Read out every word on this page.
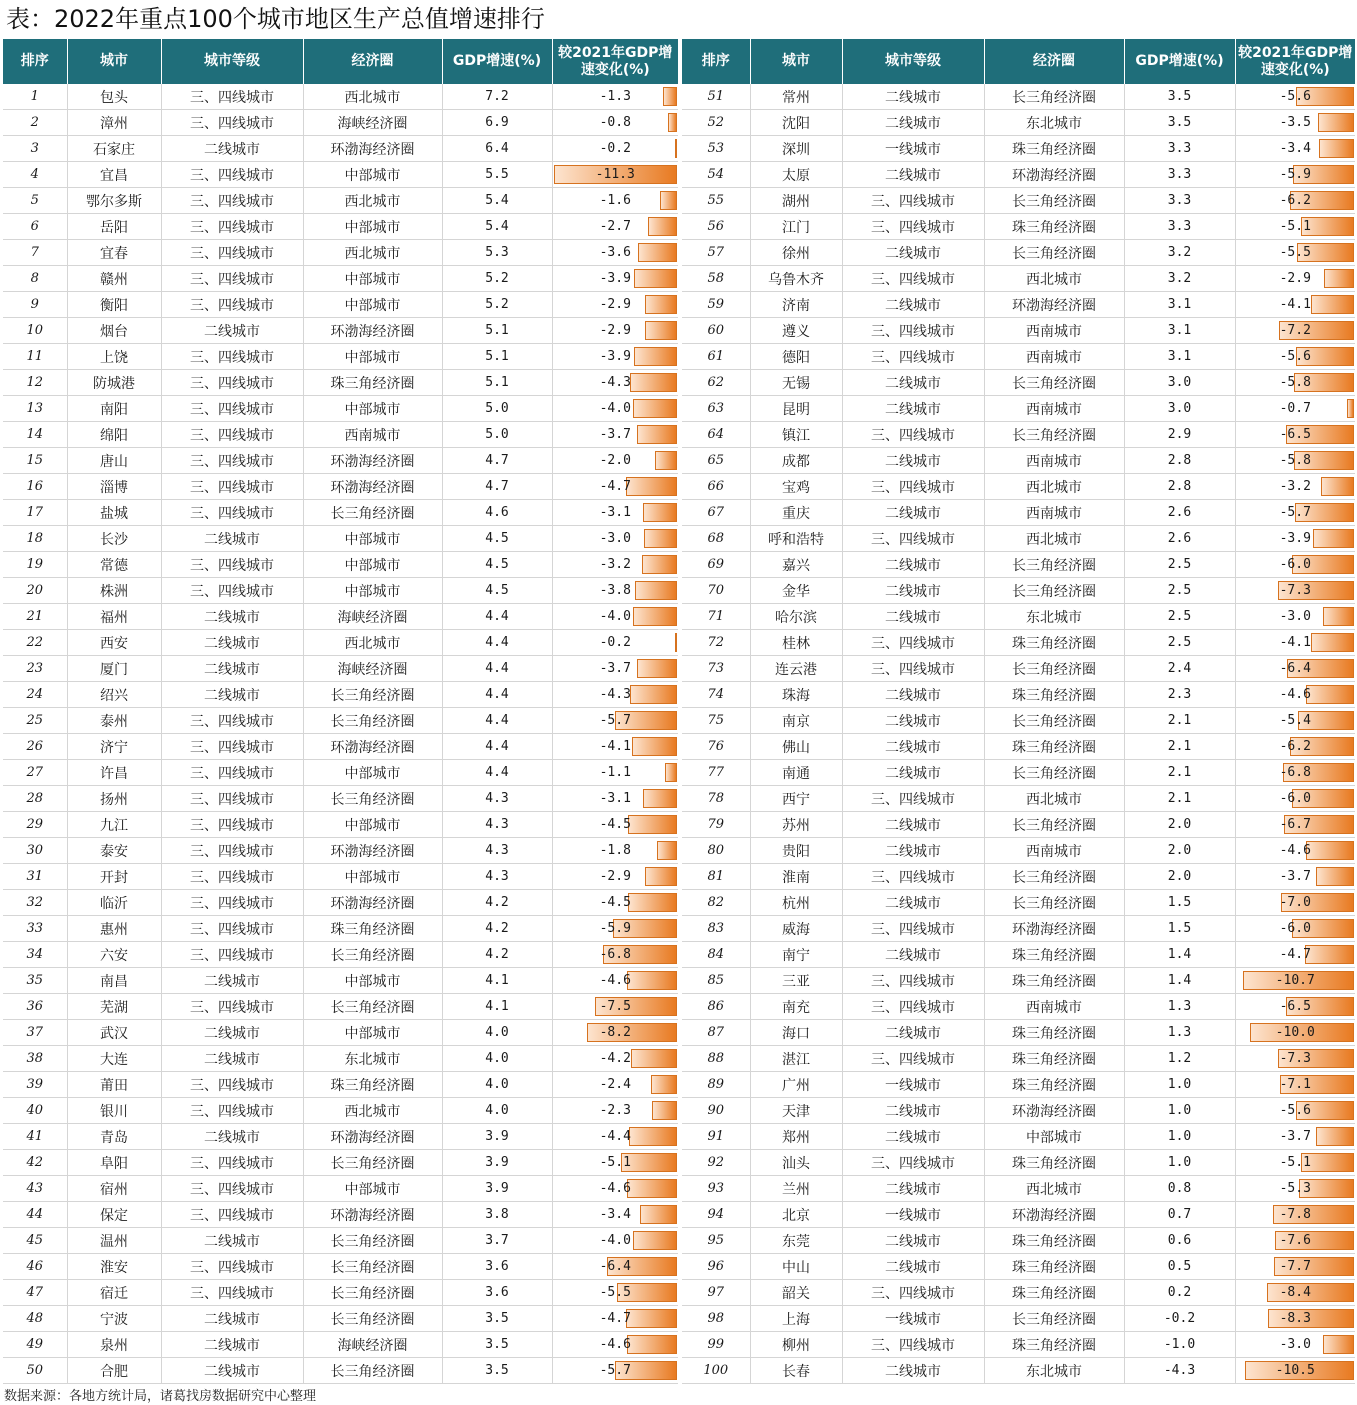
表：2022年重点100个城市地区生产总值增速排行
排序	城市	城市等级	经济圈	GDP增速(%)	较2021年GDP增
速变化(%)
1	包头	三、四线城市	西北城市	7.2	-1.3
2	漳州	三、四线城市	海峡经济圈	6.9	-0.8
3	石家庄	二线城市	环渤海经济圈	6.4	-0.2
4	宜昌	三、四线城市	中部城市	5.5	-11.3
5	鄂尔多斯	三、四线城市	西北城市	5.4	-1.6
6	岳阳	三、四线城市	中部城市	5.4	-2.7
7	宜春	三、四线城市	西北城市	5.3	-3.6
8	赣州	三、四线城市	中部城市	5.2	-3.9
9	衡阳	三、四线城市	中部城市	5.2	-2.9
10	烟台	二线城市	环渤海经济圈	5.1	-2.9
11	上饶	三、四线城市	中部城市	5.1	-3.9
12	防城港	三、四线城市	珠三角经济圈	5.1	-4.3
13	南阳	三、四线城市	中部城市	5.0	-4.0
14	绵阳	三、四线城市	西南城市	5.0	-3.7
15	唐山	三、四线城市	环渤海经济圈	4.7	-2.0
16	淄博	三、四线城市	环渤海经济圈	4.7	-4.7
17	盐城	三、四线城市	长三角经济圈	4.6	-3.1
18	长沙	二线城市	中部城市	4.5	-3.0
19	常德	三、四线城市	中部城市	4.5	-3.2
20	株洲	三、四线城市	中部城市	4.5	-3.8
21	福州	二线城市	海峡经济圈	4.4	-4.0
22	西安	二线城市	西北城市	4.4	-0.2
23	厦门	二线城市	海峡经济圈	4.4	-3.7
24	绍兴	二线城市	长三角经济圈	4.4	-4.3
25	泰州	三、四线城市	长三角经济圈	4.4	-5.7
26	济宁	三、四线城市	环渤海经济圈	4.4	-4.1
27	许昌	三、四线城市	中部城市	4.4	-1.1
28	扬州	三、四线城市	长三角经济圈	4.3	-3.1
29	九江	三、四线城市	中部城市	4.3	-4.5
30	泰安	三、四线城市	环渤海经济圈	4.3	-1.8
31	开封	三、四线城市	中部城市	4.3	-2.9
32	临沂	三、四线城市	环渤海经济圈	4.2	-4.5
33	惠州	三、四线城市	珠三角经济圈	4.2	-5.9
34	六安	三、四线城市	长三角经济圈	4.2	-6.8
35	南昌	二线城市	中部城市	4.1	-4.6
36	芜湖	三、四线城市	长三角经济圈	4.1	-7.5
37	武汉	二线城市	中部城市	4.0	-8.2
38	大连	二线城市	东北城市	4.0	-4.2
39	莆田	三、四线城市	珠三角经济圈	4.0	-2.4
40	银川	三、四线城市	西北城市	4.0	-2.3
41	青岛	二线城市	环渤海经济圈	3.9	-4.4
42	阜阳	三、四线城市	长三角经济圈	3.9	-5.1
43	宿州	三、四线城市	中部城市	3.9	-4.6
44	保定	三、四线城市	环渤海经济圈	3.8	-3.4
45	温州	二线城市	长三角经济圈	3.7	-4.0
46	淮安	三、四线城市	长三角经济圈	3.6	-6.4
47	宿迁	三、四线城市	长三角经济圈	3.6	-5.5
48	宁波	二线城市	长三角经济圈	3.5	-4.7
49	泉州	二线城市	海峡经济圈	3.5	-4.6
50	合肥	二线城市	长三角经济圈	3.5	-5.7
排序	城市	城市等级	经济圈	GDP增速(%)	较2021年GDP增
速变化(%)
51	常州	二线城市	长三角经济圈	3.5	-5.6
52	沈阳	二线城市	东北城市	3.5	-3.5
53	深圳	一线城市	珠三角经济圈	3.3	-3.4
54	太原	二线城市	环渤海经济圈	3.3	-5.9
55	湖州	三、四线城市	长三角经济圈	3.3	-6.2
56	江门	三、四线城市	珠三角经济圈	3.3	-5.1
57	徐州	二线城市	长三角经济圈	3.2	-5.5
58	乌鲁木齐	三、四线城市	西北城市	3.2	-2.9
59	济南	二线城市	环渤海经济圈	3.1	-4.1
60	遵义	三、四线城市	西南城市	3.1	-7.2
61	德阳	三、四线城市	西南城市	3.1	-5.6
62	无锡	二线城市	长三角经济圈	3.0	-5.8
63	昆明	二线城市	西南城市	3.0	-0.7
64	镇江	三、四线城市	长三角经济圈	2.9	-6.5
65	成都	二线城市	西南城市	2.8	-5.8
66	宝鸡	三、四线城市	西北城市	2.8	-3.2
67	重庆	二线城市	西南城市	2.6	-5.7
68	呼和浩特	三、四线城市	西北城市	2.6	-3.9
69	嘉兴	二线城市	长三角经济圈	2.5	-6.0
70	金华	二线城市	长三角经济圈	2.5	-7.3
71	哈尔滨	二线城市	东北城市	2.5	-3.0
72	桂林	三、四线城市	珠三角经济圈	2.5	-4.1
73	连云港	三、四线城市	长三角经济圈	2.4	-6.4
74	珠海	二线城市	珠三角经济圈	2.3	-4.6
75	南京	二线城市	长三角经济圈	2.1	-5.4
76	佛山	二线城市	珠三角经济圈	2.1	-6.2
77	南通	二线城市	长三角经济圈	2.1	-6.8
78	西宁	三、四线城市	西北城市	2.1	-6.0
79	苏州	二线城市	长三角经济圈	2.0	-6.7
80	贵阳	二线城市	西南城市	2.0	-4.6
81	淮南	三、四线城市	长三角经济圈	2.0	-3.7
82	杭州	二线城市	长三角经济圈	1.5	-7.0
83	威海	三、四线城市	环渤海经济圈	1.5	-6.0
84	南宁	二线城市	珠三角经济圈	1.4	-4.7
85	三亚	三、四线城市	珠三角经济圈	1.4	-10.7
86	南充	三、四线城市	西南城市	1.3	-6.5
87	海口	二线城市	珠三角经济圈	1.3	-10.0
88	湛江	三、四线城市	珠三角经济圈	1.2	-7.3
89	广州	一线城市	珠三角经济圈	1.0	-7.1
90	天津	二线城市	环渤海经济圈	1.0	-5.6
91	郑州	二线城市	中部城市	1.0	-3.7
92	汕头	三、四线城市	珠三角经济圈	1.0	-5.1
93	兰州	二线城市	西北城市	0.8	-5.3
94	北京	一线城市	环渤海经济圈	0.7	-7.8
95	东莞	二线城市	珠三角经济圈	0.6	-7.6
96	中山	二线城市	珠三角经济圈	0.5	-7.7
97	韶关	三、四线城市	珠三角经济圈	0.2	-8.4
98	上海	一线城市	长三角经济圈	-0.2	-8.3
99	柳州	三、四线城市	珠三角经济圈	-1.0	-3.0
100	长春	二线城市	东北城市	-4.3	-10.5
数据来源：各地方统计局，诸葛找房数据研究中心整理
